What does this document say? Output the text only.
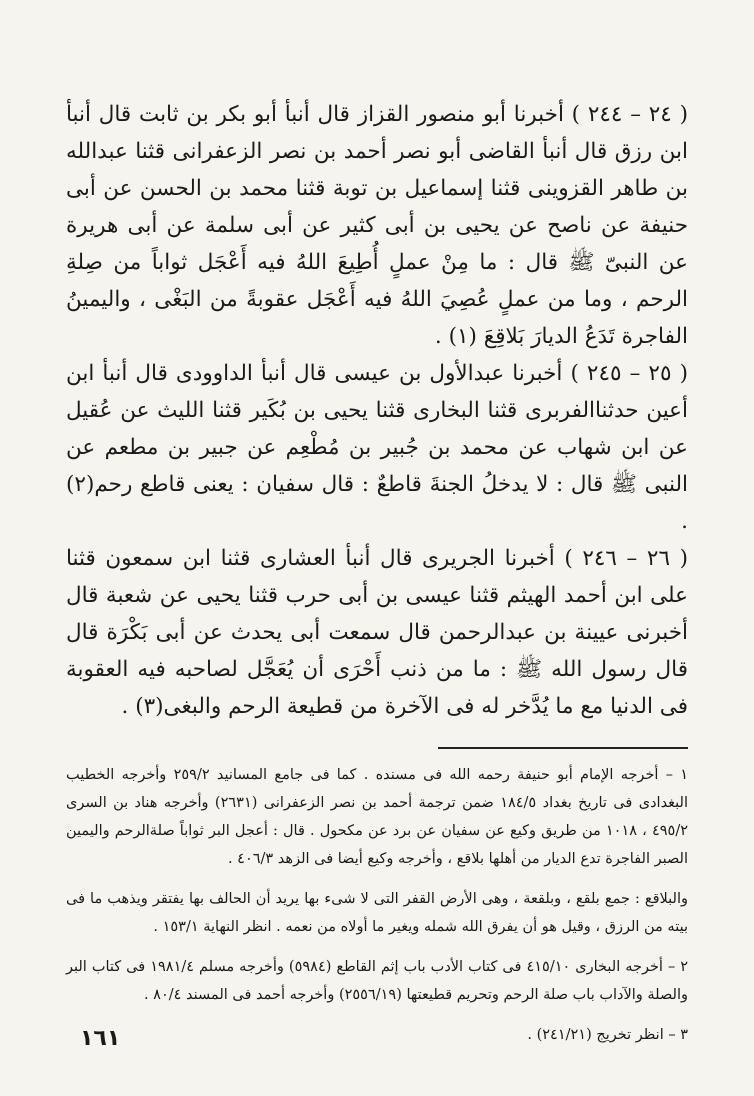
( ٢٤ – ٢٤٤ ) أخبرنا أبو منصور القزاز قال أنبأ أبو بكر بن ثابت قال أنبأ ابن رزق قال أنبأ القاضى أبو نصر أحمد بن نصر الزعفرانى قثنا عبدالله بن طاهر القزوينى قثنا إسماعيل بن توبة قثنا محمد بن الحسن عن أبى حنيفة عن ناصح عن يحيى بن أبى كثير عن أبى سلمة عن أبى هريرة عن النبىّ ﷺ قال : ما مِنْ عملٍ أُطِيعَ اللهُ فيه أَعْجَل ثواباً من صِلةِ الرحم ، وما من عملٍ عُصِيَ اللهُ فيه أَعْجَل عقوبةً من البَغْى ، واليمينُ الفاجرة تَدَعُ الديارَ بَلاقِعَ (١) .

( ٢٥ – ٢٤٥ ) أخبرنا عبدالأول بن عيسى قال أنبأ الداوودى قال أنبأ ابن أعين حدثناالفربرى قثنا البخارى قثنا يحيى بن بُكَير قثنا الليث عن عُقيل عن ابن شهاب عن محمد بن جُبير بن مُطْعِم عن جبير بن مطعم عن النبى ﷺ قال : لا يدخلُ الجنةَ قاطعٌ : قال سفيان : يعنى قاطع رحم(٢) .

( ٢٦ – ٢٤٦ ) أخبرنا الجريرى قال أنبأ العشارى قثنا ابن سمعون قثنا على ابن أحمد الهيثم قثنا عيسى بن أبى حرب قثنا يحيى عن شعبة قال أخبرنى عيينة بن عبدالرحمن قال سمعت أبى يحدث عن أبى بَكْرَة قال قال رسول الله ﷺ : ما من ذنب أَحْرَى أن يُعَجَّل لصاحبه فيه العقوبة فى الدنيا مع ما يُدَّخر له فى الآخرة من قطيعة الرحم والبغى(٣) .

١ – أخرجه الإمام أبو حنيفة رحمه الله فى مسنده . كما فى جامع المسانيد ٢٥٩/٢ وأخرجه الخطيب البغدادى فى تاريخ بغداد ١٨٤/٥ ضمن ترجمة أحمد بن نصر الزعفرانى (٢٦٣١) وأخرجه هناد بن السرى ٤٩٥/٢ ، ١٠١٨ من طريق وكيع عن سفيان عن برد عن مكحول . قال : أعجل البر ثواباً صلةالرحم واليمين الصبر الفاجرة تدع الديار من أهلها بلاقع ، وأخرجه وكيع أيضا فى الزهد ٤٠٦/٣ .

والبلاقع : جمع بلقع ، وبلقعة ، وهى الأرض القفر التى لا شىء بها يريد أن الحالف بها يفتقر ويذهب ما فى بيته من الرزق ، وقيل هو أن يفرق الله شمله ويغير ما أولاه من نعمه . انظر النهاية ١٥٣/١ .

٢ – أخرجه البخارى ٤١٥/١٠ فى كتاب الأدب باب إثم القاطع (٥٩٨٤) وأخرجه مسلم ١٩٨١/٤ فى كتاب البر والصلة والآداب باب صلة الرحم وتحريم قطيعتها (٢٥٥٦/١٩) وأخرجه أحمد فى المسند ٨٠/٤ .

٣ – انظر تخريج (٢٤١/٢١) .

١٦١
